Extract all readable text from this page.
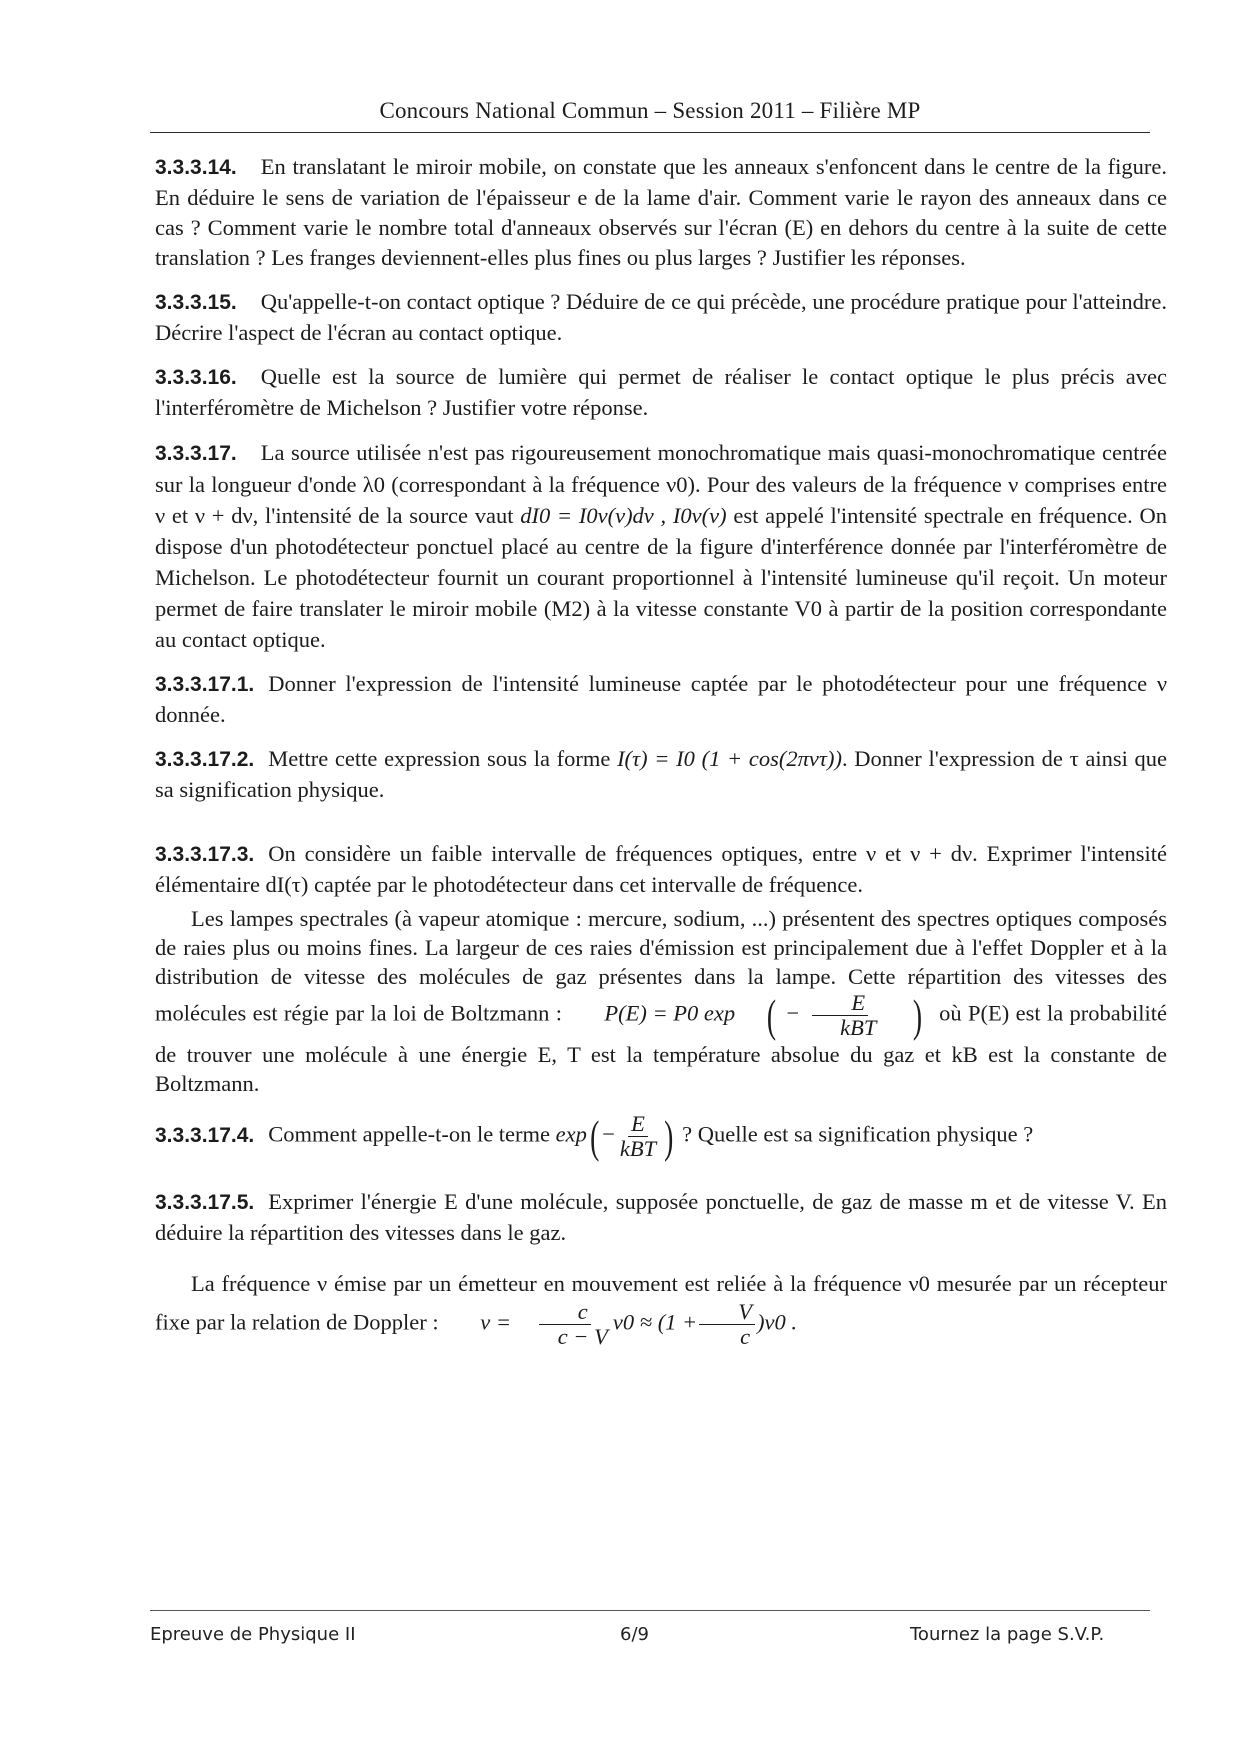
Concours National Commun – Session 2011 – Filière MP

3.3.3.14. En translatant le miroir mobile, on constate que les anneaux s'enfoncent dans le centre de la figure. En déduire le sens de variation de l'épaisseur e de la lame d'air. Comment varie le rayon des anneaux dans ce cas ? Comment varie le nombre total d'anneaux observés sur l'écran (E) en dehors du centre à la suite de cette translation ? Les franges deviennent-elles plus fines ou plus larges ? Justifier les réponses.

3.3.3.15. Qu'appelle-t-on contact optique ? Déduire de ce qui précède, une procédure pratique pour l'atteindre. Décrire l'aspect de l'écran au contact optique.

3.3.3.16. Quelle est la source de lumière qui permet de réaliser le contact optique le plus précis avec l'interféromètre de Michelson ? Justifier votre réponse.

3.3.3.17. La source utilisée n'est pas rigoureusement monochromatique mais quasi-monochromatique centrée sur la longueur d'onde λ0 (correspondant à la fréquence ν0). Pour des valeurs de la fréquence ν comprises entre ν et ν + dν, l'intensité de la source vaut dI0 = I0ν(ν)dν , I0ν(ν) est appelé l'intensité spectrale en fréquence. On dispose d'un photodétecteur ponctuel placé au centre de la figure d'interférence donnée par l'interféromètre de Michelson. Le photodétecteur fournit un courant proportionnel à l'intensité lumineuse qu'il reçoit. Un moteur permet de faire translater le miroir mobile (M2) à la vitesse constante V0 à partir de la position correspondante au contact optique.

3.3.3.17.1. Donner l'expression de l'intensité lumineuse captée par le photodétecteur pour une fréquence ν donnée.

3.3.3.17.2. Mettre cette expression sous la forme I(τ) = I0 (1 + cos(2πντ)). Donner l'expression de τ ainsi que sa signification physique.

3.3.3.17.3. On considère un faible intervalle de fréquences optiques, entre ν et ν + dν. Exprimer l'intensité élémentaire dI(τ) captée par le photodétecteur dans cet intervalle de fréquence.

Les lampes spectrales (à vapeur atomique : mercure, sodium, ...) présentent des spectres optiques composés de raies plus ou moins fines. La largeur de ces raies d'émission est principalement due à l'effet Doppler et à la distribution de vitesse des molécules de gaz présentes dans la lampe. Cette répartition des vitesses des molécules est régie par la loi de Boltzmann : P(E) = P0 exp ( − $\frac{E}{\text{kBT}}$ ) où P(E) est la probabilité de trouver une molécule à une énergie E, T est la température absolue du gaz et kB est la constante de Boltzmann.

3.3.3.17.4. Comment appelle-t-on le terme $\exp( - \frac{E}{\text{kBT}}$ ) ? Quelle est sa signification physique ?

3.3.3.17.5. Exprimer l'énergie E d'une molécule, supposée ponctuelle, de gaz de masse m et de vitesse V. En déduire la répartition des vitesses dans le gaz.

La fréquence ν émise par un émetteur en mouvement est reliée à la fréquence ν0 mesurée par un récepteur fixe par la relation de Doppler : $\nu = \frac{c}{c - V} \nu 0 \approx (1 + \frac{V}{c} )\nu 0$ .

Epreuve de Physique II	6/9	Tournez la page S.V.P.
